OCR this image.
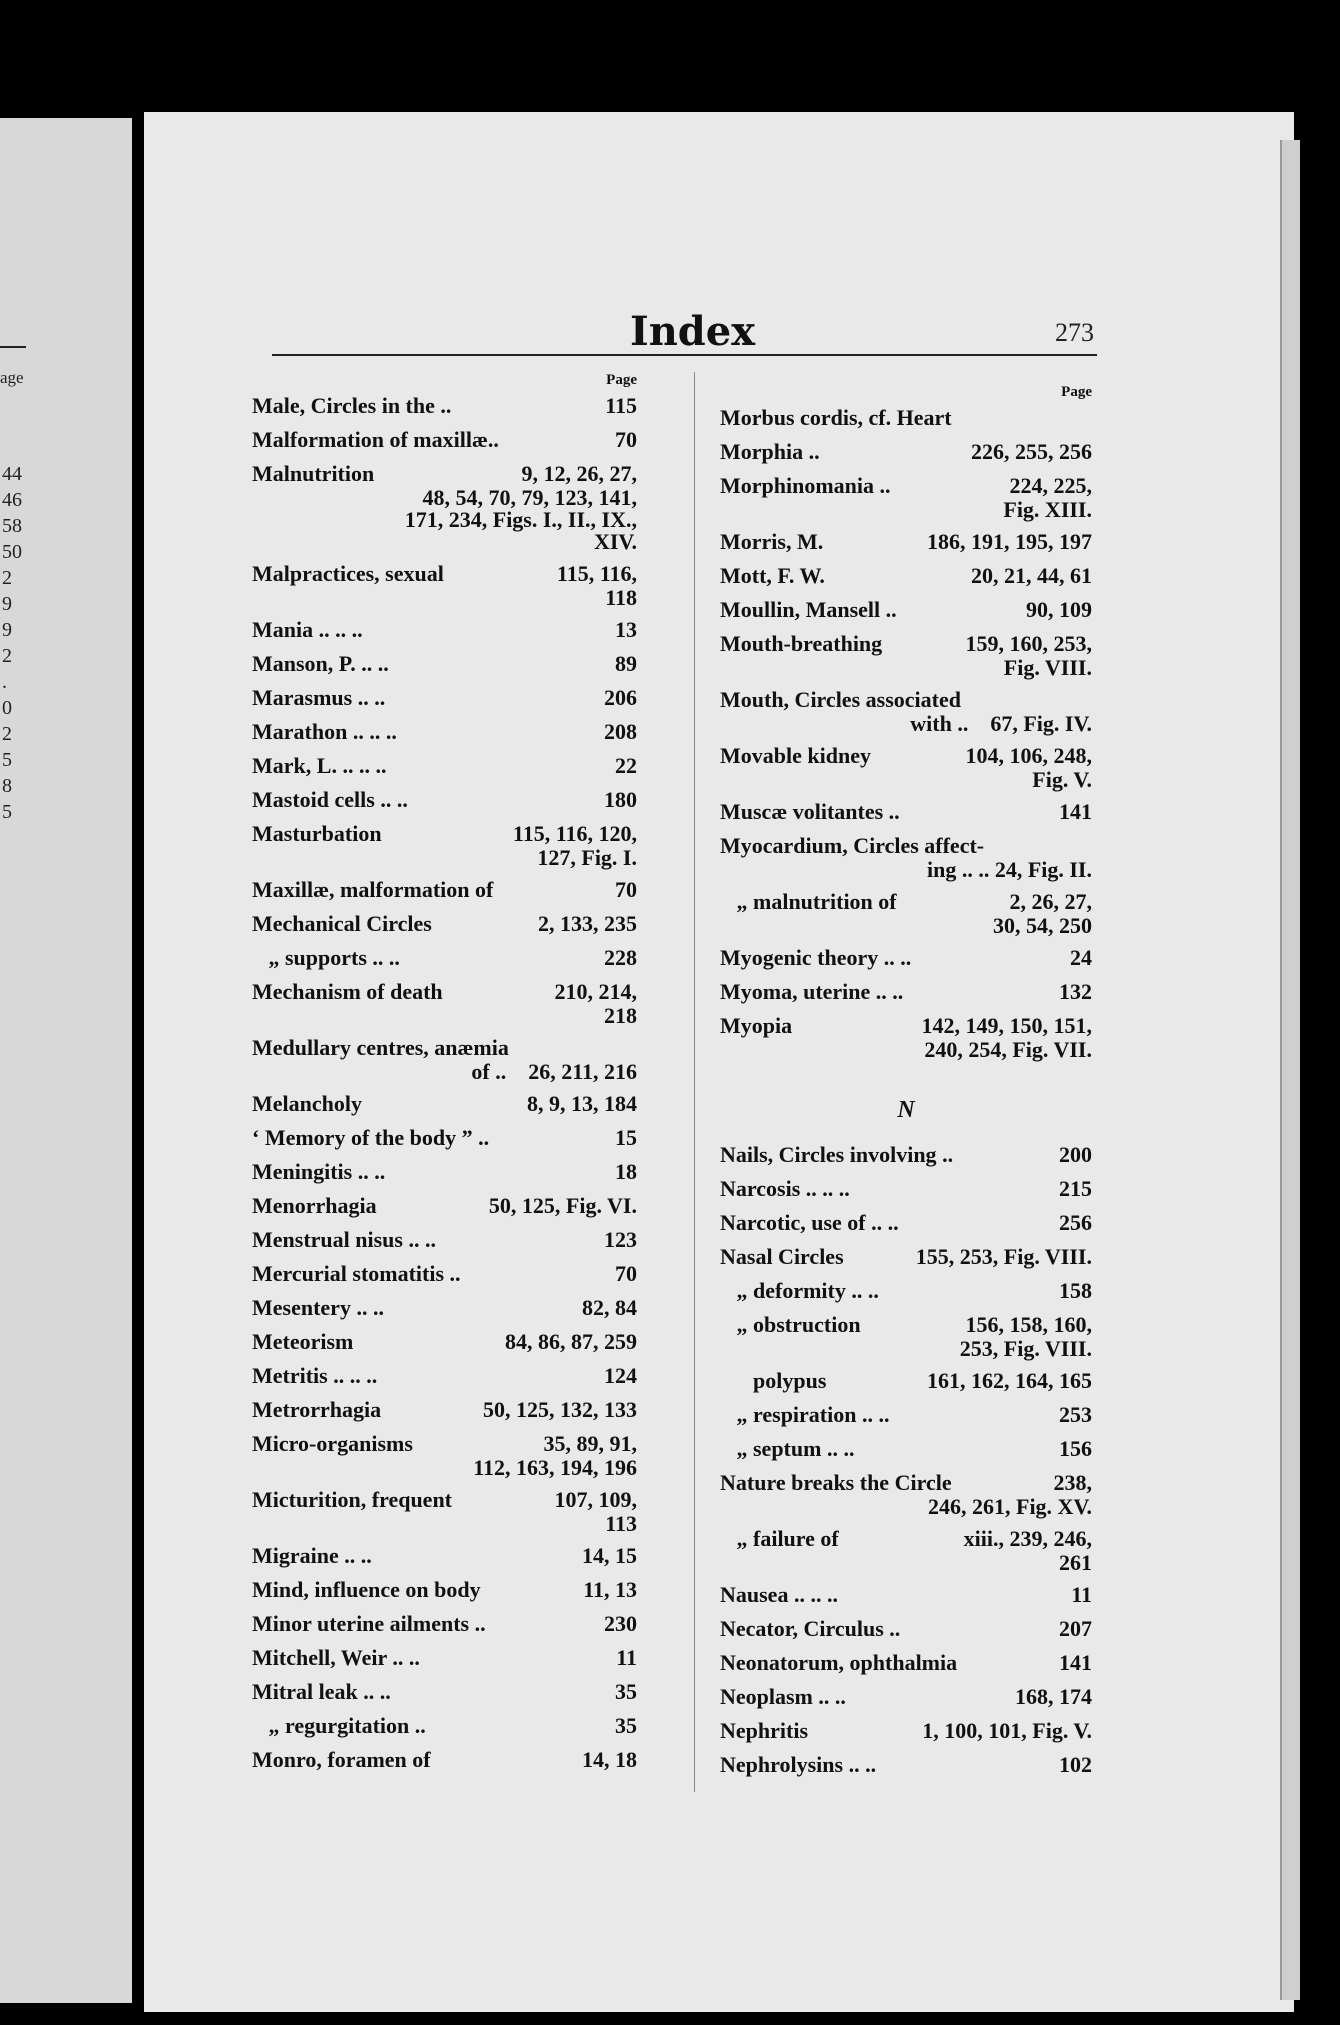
age
44
46
58
50
2
9
9
2
.
0
2
5
8
5
Index	273
Page
Male, Circles in the ..	115
Malformation of maxillæ..	70
Malnutrition	9, 12, 26, 27,
48, 54, 70, 79, 123, 141,
171, 234, Figs. I., II., IX.,
XIV.
Malpractices, sexual	115, 116,
118
Mania .. .. ..	13
Manson, P. .. ..	89
Marasmus .. ..	206
Marathon .. .. ..	208
Mark, L. .. .. ..	22
Mastoid cells .. ..	180
Masturbation	115, 116, 120,
127, Fig. I.
Maxillæ, malformation of	70
Mechanical Circles	2, 133, 235
„ supports .. ..	228
Mechanism of death	210, 214,
218
Medullary centres, anæmia
of ..    26, 211, 216
Melancholy	8, 9, 13, 184
‘ Memory of the body ” ..	15
Meningitis .. ..	18
Menorrhagia	50, 125, Fig. VI.
Menstrual nisus .. ..	123
Mercurial stomatitis ..	70
Mesentery .. ..	82, 84
Meteorism	84, 86, 87, 259
Metritis .. .. ..	124
Metrorrhagia	50, 125, 132, 133
Micro-organisms	35, 89, 91,
112, 163, 194, 196
Micturition, frequent	107, 109,
113
Migraine .. ..	14, 15
Mind, influence on body	11, 13
Minor uterine ailments ..	230
Mitchell, Weir .. ..	11
Mitral leak .. ..	35
„ regurgitation ..	35
Monro, foramen of	14, 18
Page
Morbus cordis, cf. Heart
Morphia ..	226, 255, 256
Morphinomania ..	224, 225,
Fig. XIII.
Morris, M.	186, 191, 195, 197
Mott, F. W.	20, 21, 44, 61
Moullin, Mansell ..	90, 109
Mouth-breathing	159, 160, 253,
Fig. VIII.
Mouth, Circles associated
with ..    67, Fig. IV.
Movable kidney	104, 106, 248,
Fig. V.
Muscæ volitantes ..	141
Myocardium, Circles affect-
ing .. .. 24, Fig. II.
„ malnutrition of	2, 26, 27,
30, 54, 250
Myogenic theory .. ..	24
Myoma, uterine .. ..	132
Myopia	142, 149, 150, 151,
240, 254, Fig. VII.
N
Nails, Circles involving ..	200
Narcosis .. .. ..	215
Narcotic, use of .. ..	256
Nasal Circles	155, 253, Fig. VIII.
„ deformity .. ..	158
„ obstruction	156, 158, 160,
253, Fig. VIII.
polypus	161, 162, 164, 165
„ respiration .. ..	253
„ septum .. ..	156
Nature breaks the Circle	238,
246, 261, Fig. XV.
„ failure of	xiii., 239, 246,
261
Nausea .. .. ..	11
Necator, Circulus ..	207
Neonatorum, ophthalmia	141
Neoplasm .. ..	168, 174
Nephritis	1, 100, 101, Fig. V.
Nephrolysins .. ..	102
